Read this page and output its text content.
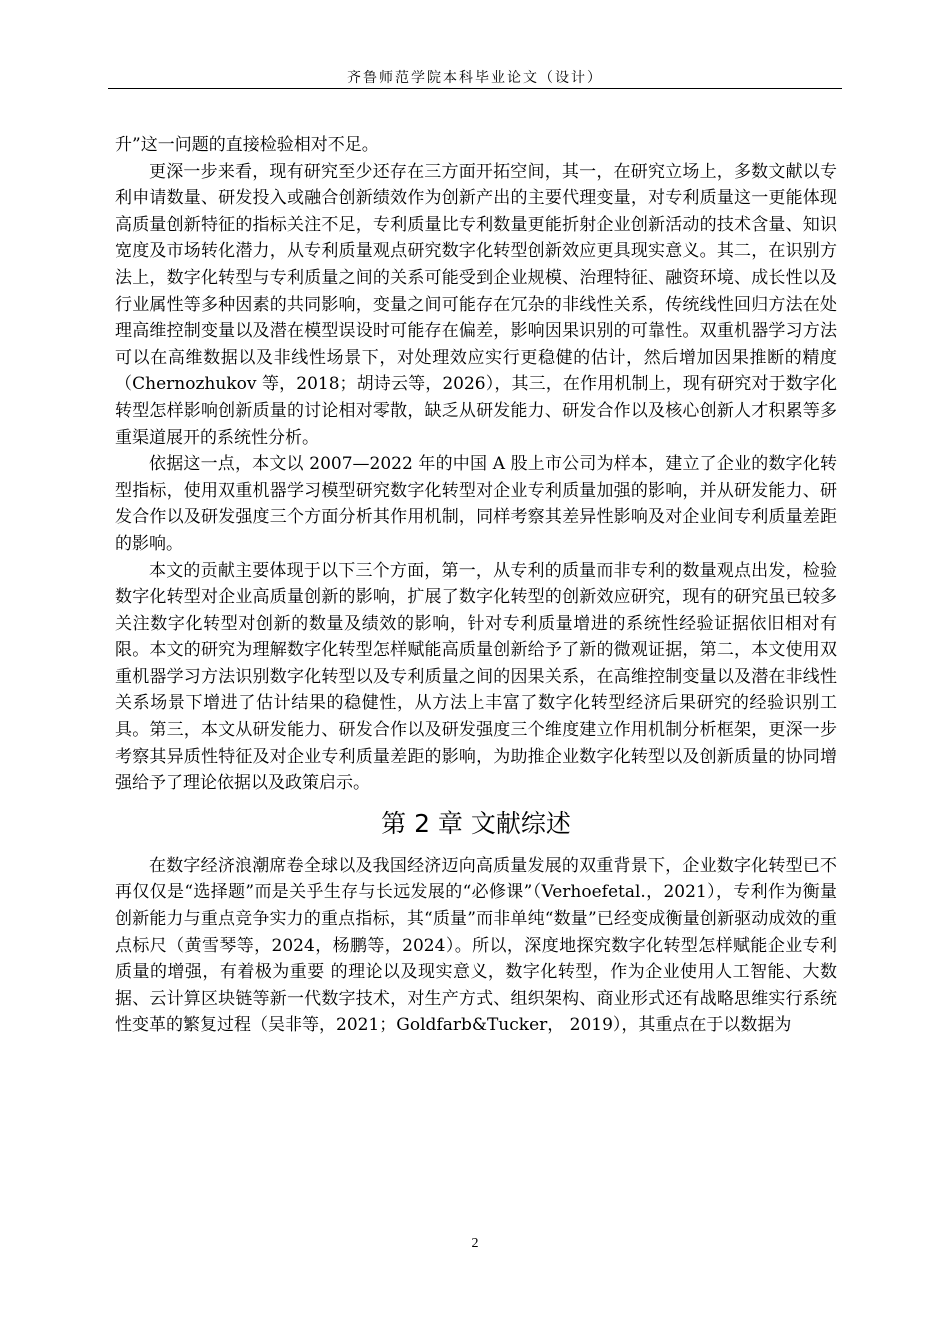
齐鲁师范学院本科毕业论文（设计）

升”这一问题的直接检验相对不足。

更深一步来看，现有研究至少还存在三方面开拓空间，其一，在研究立场上，多数文献以专利申请数量、研发投入或融合创新绩效作为创新产出的主要代理变量，对专利质量这一更能体现高质量创新特征的指标关注不足，专利质量比专利数量更能折射企业创新活动的技术含量、知识宽度及市场转化潜力，从专利质量观点研究数字化转型创新效应更具现实意义。其二，在识别方法上，数字化转型与专利质量之间的关系可能受到企业规模、治理特征、融资环境、成长性以及行业属性等多种因素的共同影响，变量之间可能存在冗杂的非线性关系，传统线性回归方法在处理高维控制变量以及潜在模型误设时可能存在偏差，影响因果识别的可靠性。双重机器学习方法可以在高维数据以及非线性场景下，对处理效应实行更稳健的估计，然后增加因果推断的精度（Chernozhukov 等，2018；胡诗云等，2026），其三，在作用机制上，现有研究对于数字化转型怎样影响创新质量的讨论相对零散，缺乏从研发能力、研发合作以及核心创新人才积累等多重渠道展开的系统性分析。

依据这一点，本文以 2007—2022 年的中国 A 股上市公司为样本，建立了企业的数字化转型指标，使用双重机器学习模型研究数字化转型对企业专利质量加强的影响，并从研发能力、研发合作以及研发强度三个方面分析其作用机制，同样考察其差异性影响及对企业间专利质量差距的影响。

本文的贡献主要体现于以下三个方面，第一，从专利的质量而非专利的数量观点出发，检验数字化转型对企业高质量创新的影响，扩展了数字化转型的创新效应研究，现有的研究虽已较多关注数字化转型对创新的数量及绩效的影响，针对专利质量增进的系统性经验证据依旧相对有限。本文的研究为理解数字化转型怎样赋能高质量创新给予了新的微观证据，第二，本文使用双重机器学习方法识别数字化转型以及专利质量之间的因果关系，在高维控制变量以及潜在非线性关系场景下增进了估计结果的稳健性，从方法上丰富了数字化转型经济后果研究的经验识别工具。第三，本文从研发能力、研发合作以及研发强度三个维度建立作用机制分析框架，更深一步考察其异质性特征及对企业专利质量差距的影响，为助推企业数字化转型以及创新质量的协同增强给予了理论依据以及政策启示。

第 2 章 文献综述

在数字经济浪潮席卷全球以及我国经济迈向高质量发展的双重背景下，企业数字化转型已不再仅仅是“选择题”而是关乎生存与长远发展的“必修课”（Verhoefetal.，2021），专利作为衡量创新能力与重点竞争实力的重点指标，其“质量”而非单纯“数量”已经变成衡量创新驱动成效的重点标尺（黄雪琴等，2024，杨鹏等，2024）。所以，深度地探究数字化转型怎样赋能企业专利质量的增强，有着极为重要 的理论以及现实意义，数字化转型，作为企业使用人工智能、大数据、云计算区块链等新一代数字技术，对生产方式、组织架构、商业形式还有战略思维实行系统性变革的繁复过程（吴非等，2021；Goldfarb&Tucker， 2019），其重点在于以数据为

2
